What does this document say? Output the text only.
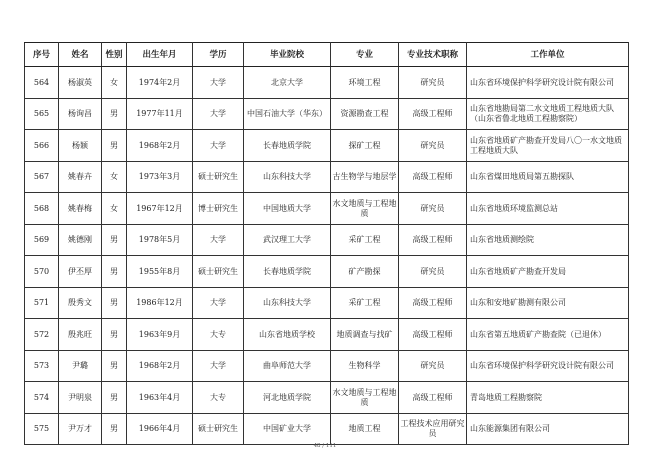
序号	姓名	性别	出生年月	学历	毕业院校	专业	专业技术职称	工作单位
564	杨淑英	女	1974年2月	大学	北京大学	环境工程	研究员	山东省环境保护科学研究设计院有限公司
565	杨询昌	男	1977年11月	大学	中国石油大学（华东）	资源勘查工程	高级工程师	山东省地勘局第二水文地质工程地质大队（山东省鲁北地质工程勘察院）
566	杨颖	男	1968年2月	大学	长春地质学院	探矿工程	研究员	山东省地质矿产勘查开发局八〇一水文地质工程地质大队
567	姚春卉	女	1973年3月	硕士研究生	山东科技大学	古生物学与地层学	高级工程师	山东省煤田地质局第五勘探队
568	姚春梅	女	1967年12月	博士研究生	中国地质大学	水文地质与工程地质	研究员	山东省地质环境监测总站
569	姚德刚	男	1978年5月	大学	武汉理工大学	采矿工程	高级工程师	山东省地质测绘院
570	伊丕厚	男	1955年8月	硕士研究生	长春地质学院	矿产勘探	研究员	山东省地质矿产勘查开发局
571	殷秀文	男	1986年12月	大学	山东科技大学	采矿工程	高级工程师	山东和安地矿勘测有限公司
572	殷兆旺	男	1963年9月	大专	山东省地质学校	地质调查与找矿	高级工程师	山东省第五地质矿产勘查院（已退休）
573	尹璐	男	1968年2月	大学	曲阜师范大学	生物科学	研究员	山东省环境保护科学研究设计院有限公司
574	尹明泉	男	1963年4月	大专	河北地质学院	水文地质与工程地质	高级工程师	青岛地质工程勘察院
575	尹万才	男	1966年4月	硕士研究生	中国矿业大学	地质工程	工程技术应用研究员	山东能源集团有限公司
48 / 111
